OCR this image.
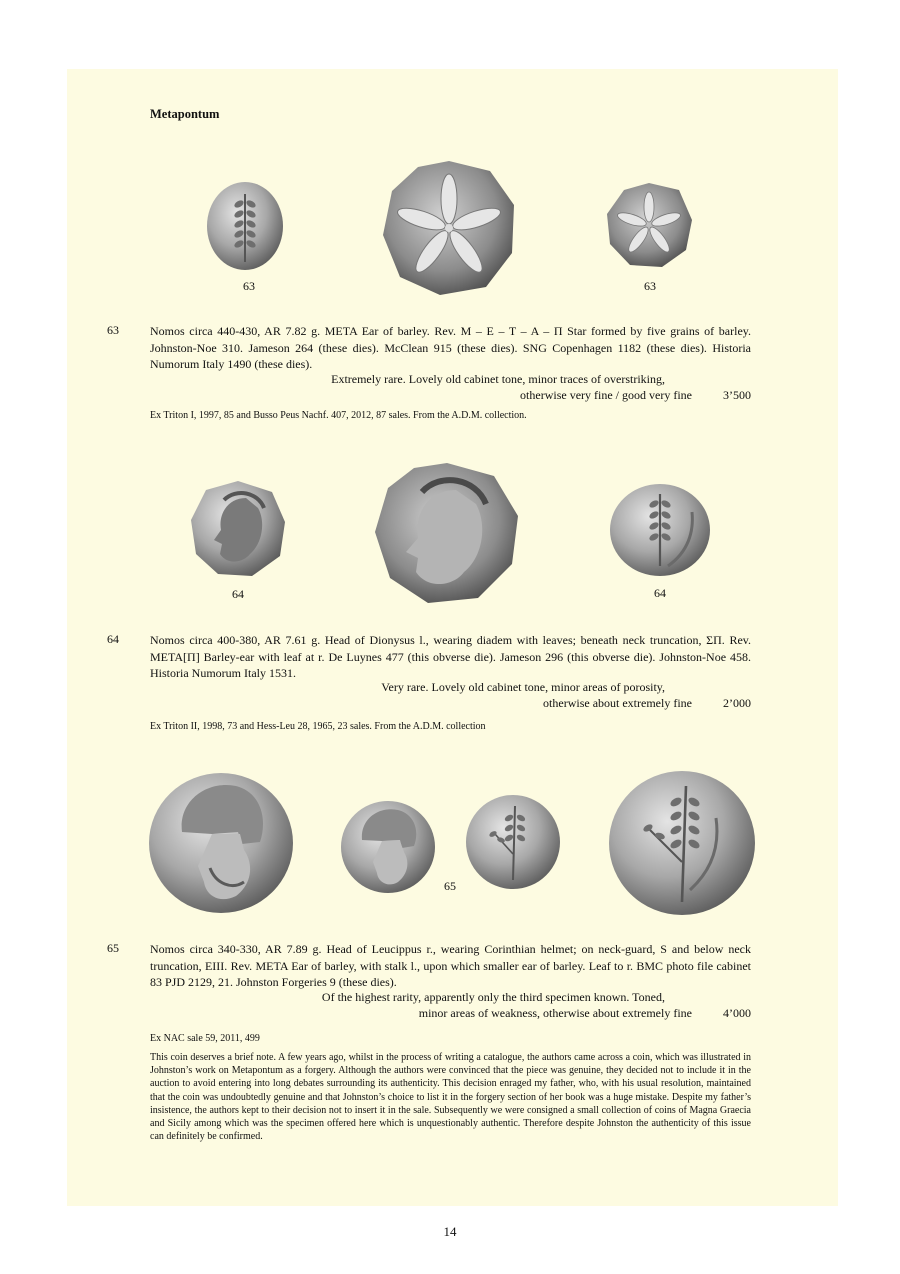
Metapontum
63	63
63	Nomos circa 440-430, AR 7.82 g. META Ear of barley. Rev. M – E – T – A – Π Star formed by five grains of barley. Johnston-Noe 310. Jameson 264 (these dies). McClean 915 (these dies). SNG Copenhagen 1182 (these dies). Historia Numorum Italy 1490 (these dies).
Extremely rare. Lovely old cabinet tone, minor traces of overstriking,
otherwise very fine / good very fine	3’500
Ex Triton I, 1997, 85 and Busso Peus Nachf. 407, 2012, 87 sales. From the A.D.M. collection.
64	64
64	Nomos circa 400-380, AR 7.61 g. Head of Dionysus l., wearing diadem with leaves; beneath neck truncation, ΣΠ. Rev. META[Π] Barley-ear with leaf at r. De Luynes 477 (this obverse die). Jameson 296 (this obverse die). Johnston-Noe 458. Historia Numorum Italy 1531.
Very rare. Lovely old cabinet tone, minor areas of porosity,
otherwise about extremely fine	2’000
Ex Triton II, 1998, 73 and Hess-Leu 28, 1965, 23 sales. From the A.D.M. collection
65
65	Nomos circa 340-330, AR 7.89 g. Head of Leucippus r., wearing Corinthian helmet; on neck-guard, S and below neck truncation, EIII. Rev. META Ear of barley, with stalk l., upon which smaller ear of barley. Leaf to r. BMC photo file cabinet 83 PJD 2129, 21. Johnston Forgeries 9 (these dies).
Of the highest rarity, apparently only the third specimen known. Toned,
minor areas of weakness, otherwise about extremely fine	4’000
Ex NAC sale 59, 2011, 499
This coin deserves a brief note. A few years ago, whilst in the process of writing a catalogue, the authors came across a coin, which was illustrated in Johnston’s work on Metapontum as a forgery. Although the authors were convinced that the piece was genuine, they decided not to include it in the auction to avoid entering into long debates surrounding its authenticity. This decision enraged my father, who, with his usual resolution, maintained that the coin was undoubtedly genuine and that Johnston’s choice to list it in the forgery section of her book was a huge mistake. Despite my father’s insistence, the authors kept to their decision not to insert it in the sale. Subsequently we were consigned a small collection of coins of Magna Graecia and Sicily among which was the specimen offered here which is unquestionably authentic. Therefore despite Johnston the authenticity of this issue can definitely be confirmed.
14
